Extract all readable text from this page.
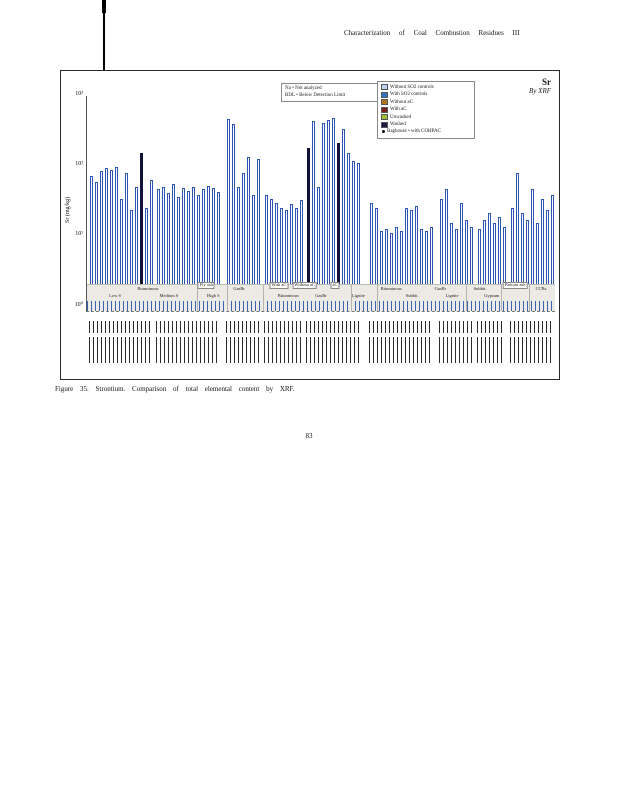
Characterization of Coal Combustion Residues III
Sr
By XRF
Na • Not analyzed
BDL • Below Detection Limit
Without SO2 controls
With SO2 controls
Without aC
With aC
Unwashed
Washed
Baghouse • with COHPAC
Sr (mg/kg)
Bituminous
Fly ash
GasBr
With aC	Without aC	aC
Bituminous	GasBr	Subbit.
Bottom ash
CCBs
Low S	Medium S	High S	Bituminous	GasBr	Lignite	Subbit.	Lignite	Gypsum
10³
10²
10¹
10⁰
Figure 35. Strontium. Comparison of total elemental content by XRF.
83
